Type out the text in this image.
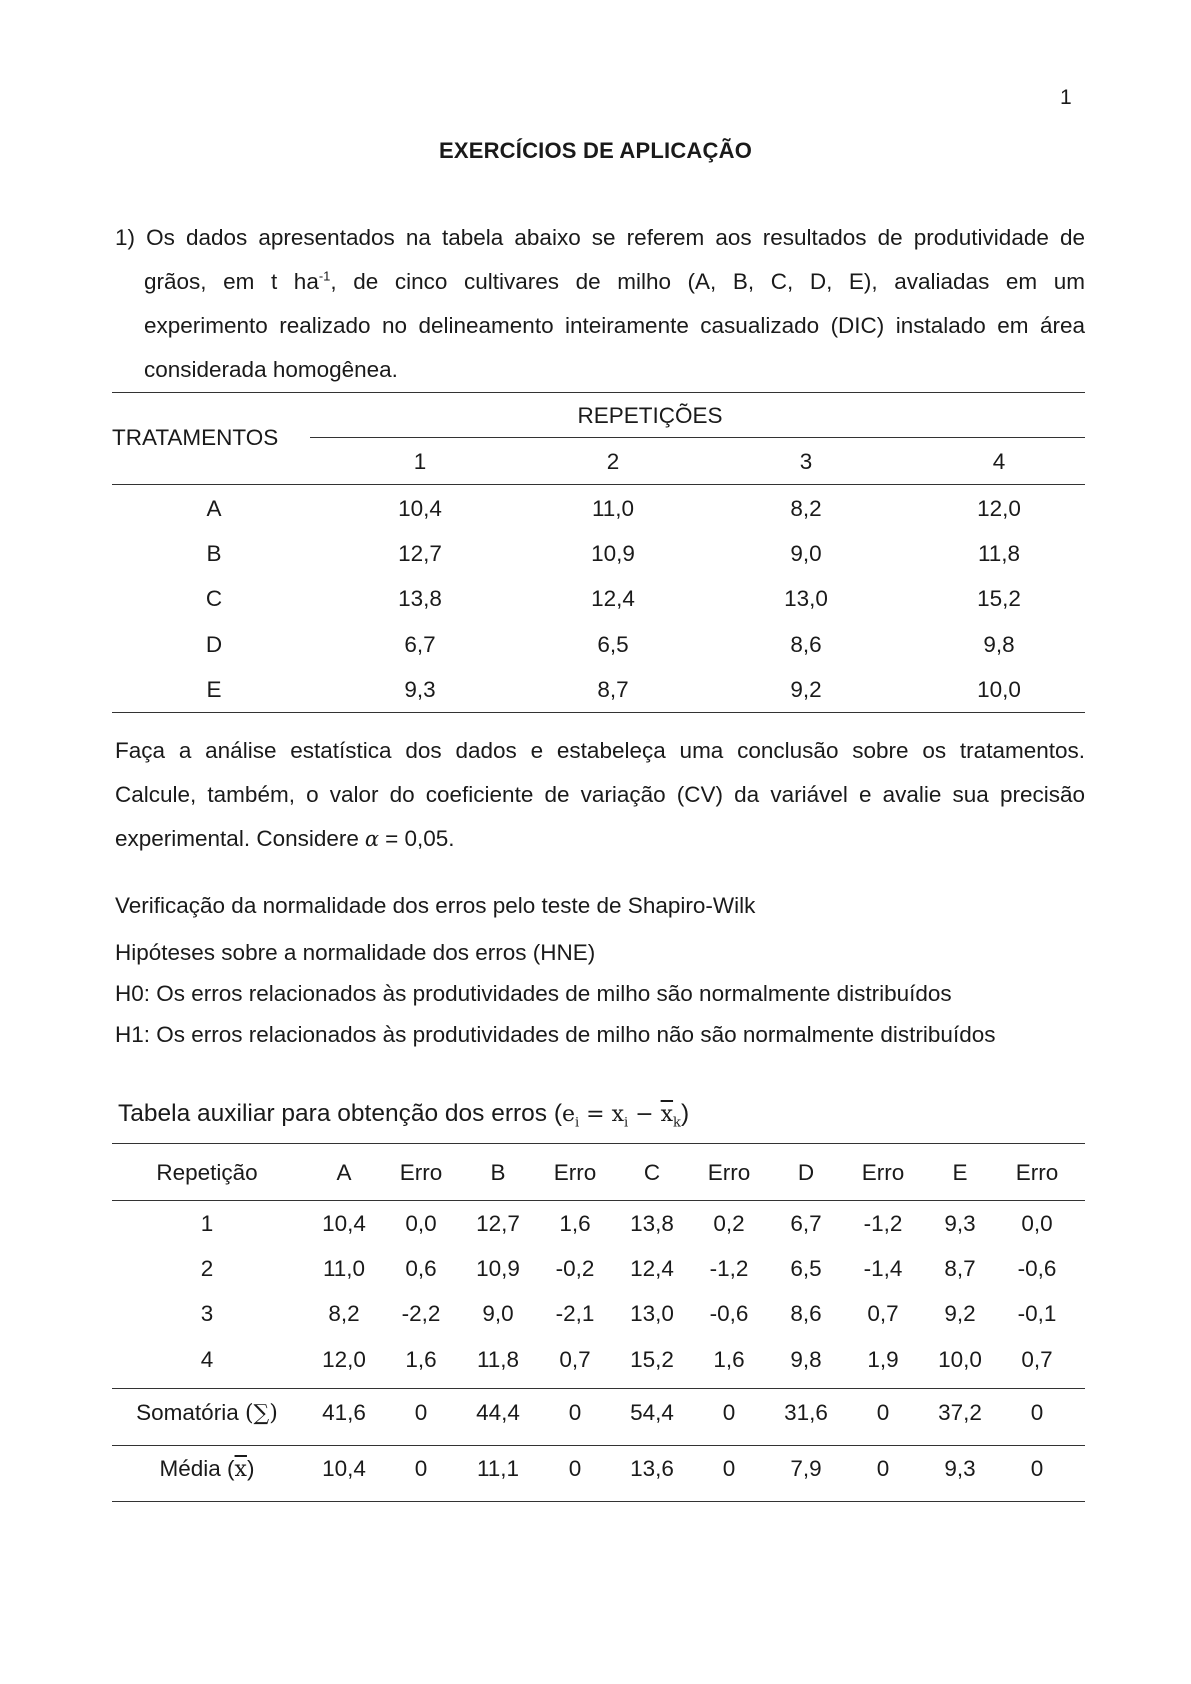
1
EXERCÍCIOS DE APLICAÇÃO
1) Os dados apresentados na tabela abaixo se referem aos resultados de produtividade de
grãos, em t $ha^{-1}$, de cinco cultivares de milho (A, B, C, D, E), avaliadas em um
experimento realizado no delineamento inteiramente casualizado (DIC) instalado em área
considerada homogênea.
TRATAMENTOS
REPETIÇÕES
1	2	3	4
A	10,4	11,0	8,2	12,0
B	12,7	10,9	9,0	11,8
C	13,8	12,4	13,0	15,2
D	6,7	6,5	8,6	9,8
E	9,3	8,7	9,2	10,0
Faça a análise estatística dos dados e estabeleça uma conclusão sobre os tratamentos.
Calcule, também, o valor do coeficiente de variação (CV) da variável e avalie sua precisão
experimental. Considere α = 0,05.
Verificação da normalidade dos erros pelo teste de Shapiro-Wilk
Hipóteses sobre a normalidade dos erros (HNE)
H0: Os erros relacionados às produtividades de milho são normalmente distribuídos
H1: Os erros relacionados às produtividades de milho não são normalmente distribuídos
Tabela auxiliar para obtenção dos erros $(e_i = x_i - \overline{x}_k)$
Repetição	A	Erro	B	Erro	C	Erro	D	Erro	E	Erro
1	10,4	0,0	12,7	1,6	13,8	0,2	6,7	-1,2	9,3	0,0
2	11,0	0,6	10,9	-0,2	12,4	-1,2	6,5	-1,4	8,7	-0,6
3	8,2	-2,2	9,0	-2,1	13,0	-0,6	8,6	0,7	9,2	-0,1
4	12,0	1,6	11,8	0,7	15,2	1,6	9,8	1,9	10,0	0,7
Somatória (∑)	41,6	0	44,4	0	54,4	0	31,6	0	37,2	0
Média $(\overline{x})$	10,4	0	11,1	0	13,6	0	7,9	0	9,3	0
